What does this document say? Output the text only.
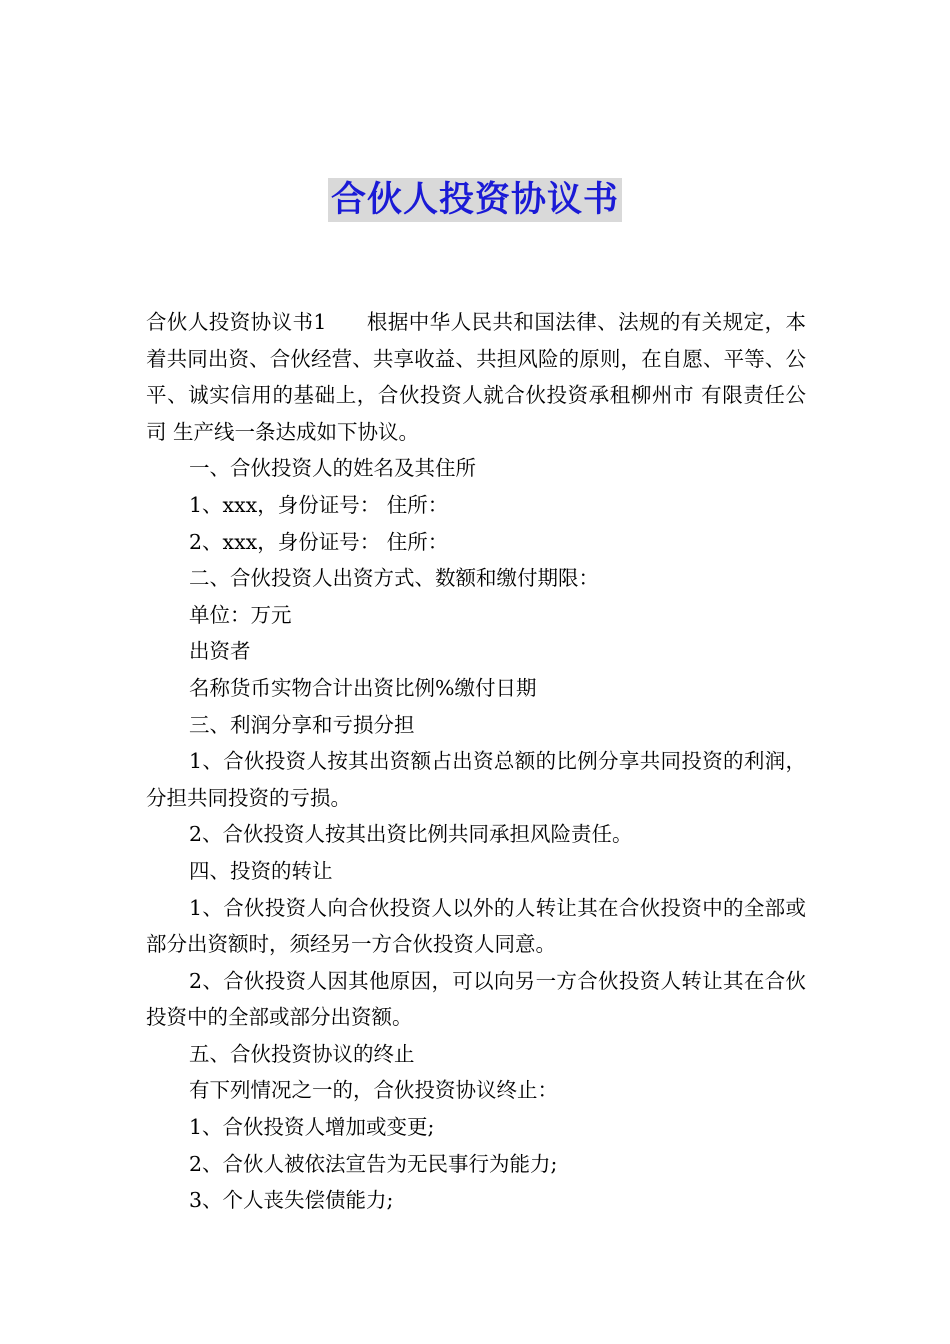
合伙人投资协议书

合伙人投资协议书1 根据中华人民共和国法律、法规的有关规定，本着共同出资、合伙经营、共享收益、共担风险的原则，在自愿、平等、公平、诚实信用的基础上，合伙投资人就合伙投资承租柳州市 有限责任公司 生产线一条达成如下协议。

一、合伙投资人的姓名及其住所

1、xxx，身份证号： 住所：

2、xxx，身份证号： 住所：

二、合伙投资人出资方式、数额和缴付期限：

单位：万元

出资者

名称货币实物合计出资比例%缴付日期

三、利润分享和亏损分担

1、合伙投资人按其出资额占出资总额的比例分享共同投资的利润，分担共同投资的亏损。

2、合伙投资人按其出资比例共同承担风险责任。

四、投资的转让

1、合伙投资人向合伙投资人以外的人转让其在合伙投资中的全部或部分出资额时，须经另一方合伙投资人同意。

2、合伙投资人因其他原因，可以向另一方合伙投资人转让其在合伙投资中的全部或部分出资额。

五、合伙投资协议的终止

有下列情况之一的，合伙投资协议终止：

1、合伙投资人增加或变更;

2、合伙人被依法宣告为无民事行为能力;

3、个人丧失偿债能力;
